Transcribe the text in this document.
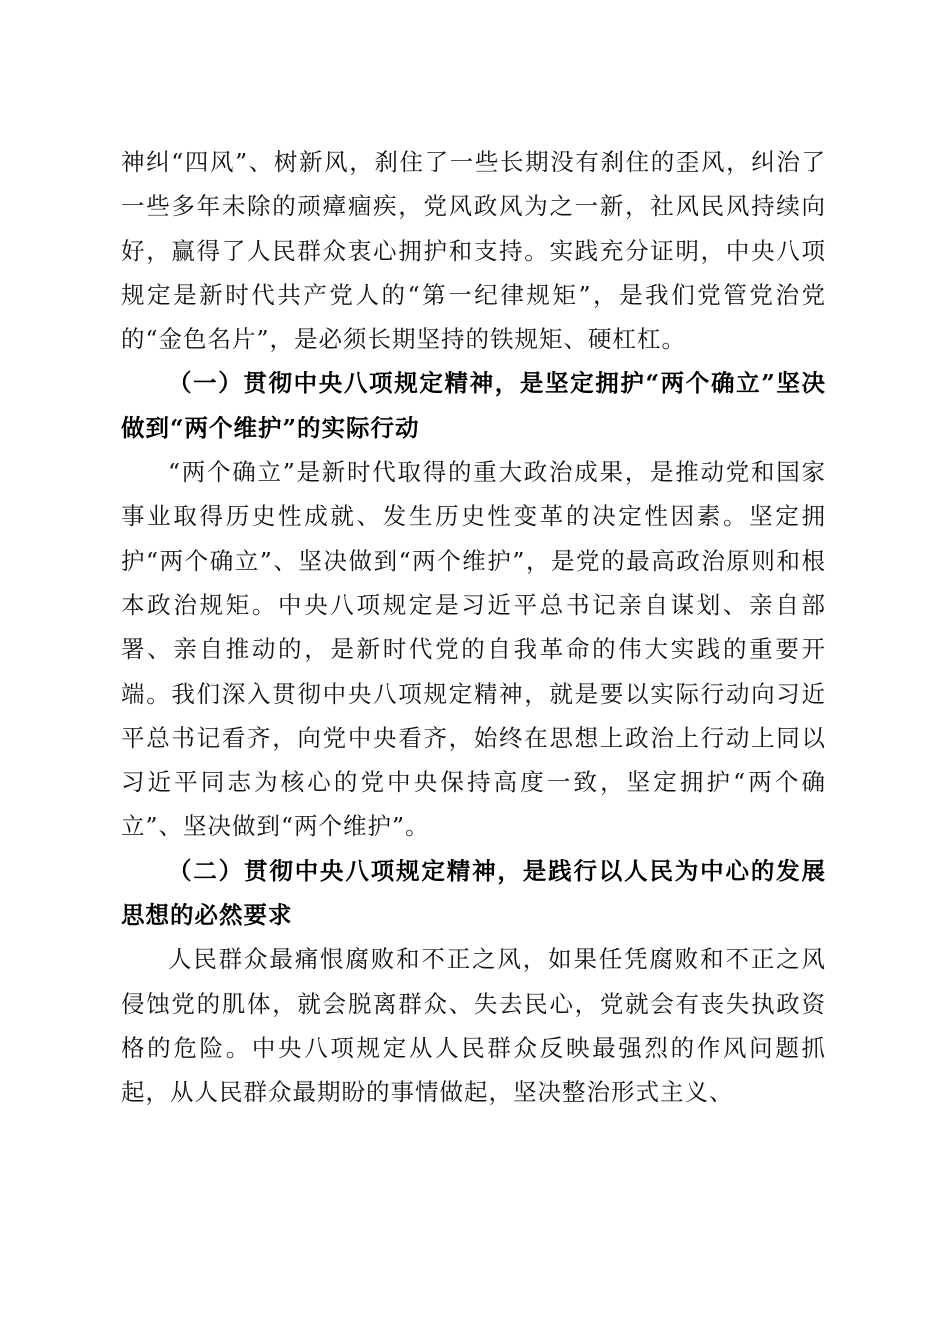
神纠“四风”、树新风，刹住了一些长期没有刹住的歪风，纠治了一些多年未除的顽瘴痼疾，党风政风为之一新，社风民风持续向好，赢得了人民群众衷心拥护和支持。实践充分证明，中央八项规定是新时代共产党人的“第一纪律规矩”，是我们党管党治党的“金色名片”，是必须长期坚持的铁规矩、硬杠杠。

（一）贯彻中央八项规定精神，是坚定拥护“两个确立”坚决做到“两个维护”的实际行动

“两个确立”是新时代取得的重大政治成果，是推动党和国家事业取得历史性成就、发生历史性变革的决定性因素。坚定拥护“两个确立”、坚决做到“两个维护”，是党的最高政治原则和根本政治规矩。中央八项规定是习近平总书记亲自谋划、亲自部署、亲自推动的，是新时代党的自我革命的伟大实践的重要开端。我们深入贯彻中央八项规定精神，就是要以实际行动向习近平总书记看齐，向党中央看齐，始终在思想上政治上行动上同以习近平同志为核心的党中央保持高度一致，坚定拥护“两个确立”、坚决做到“两个维护”。

（二）贯彻中央八项规定精神，是践行以人民为中心的发展思想的必然要求

人民群众最痛恨腐败和不正之风，如果任凭腐败和不正之风侵蚀党的肌体，就会脱离群众、失去民心，党就会有丧失执政资格的危险。中央八项规定从人民群众反映最强烈的作风问题抓起，从人民群众最期盼的事情做起，坚决整治形式主义、
